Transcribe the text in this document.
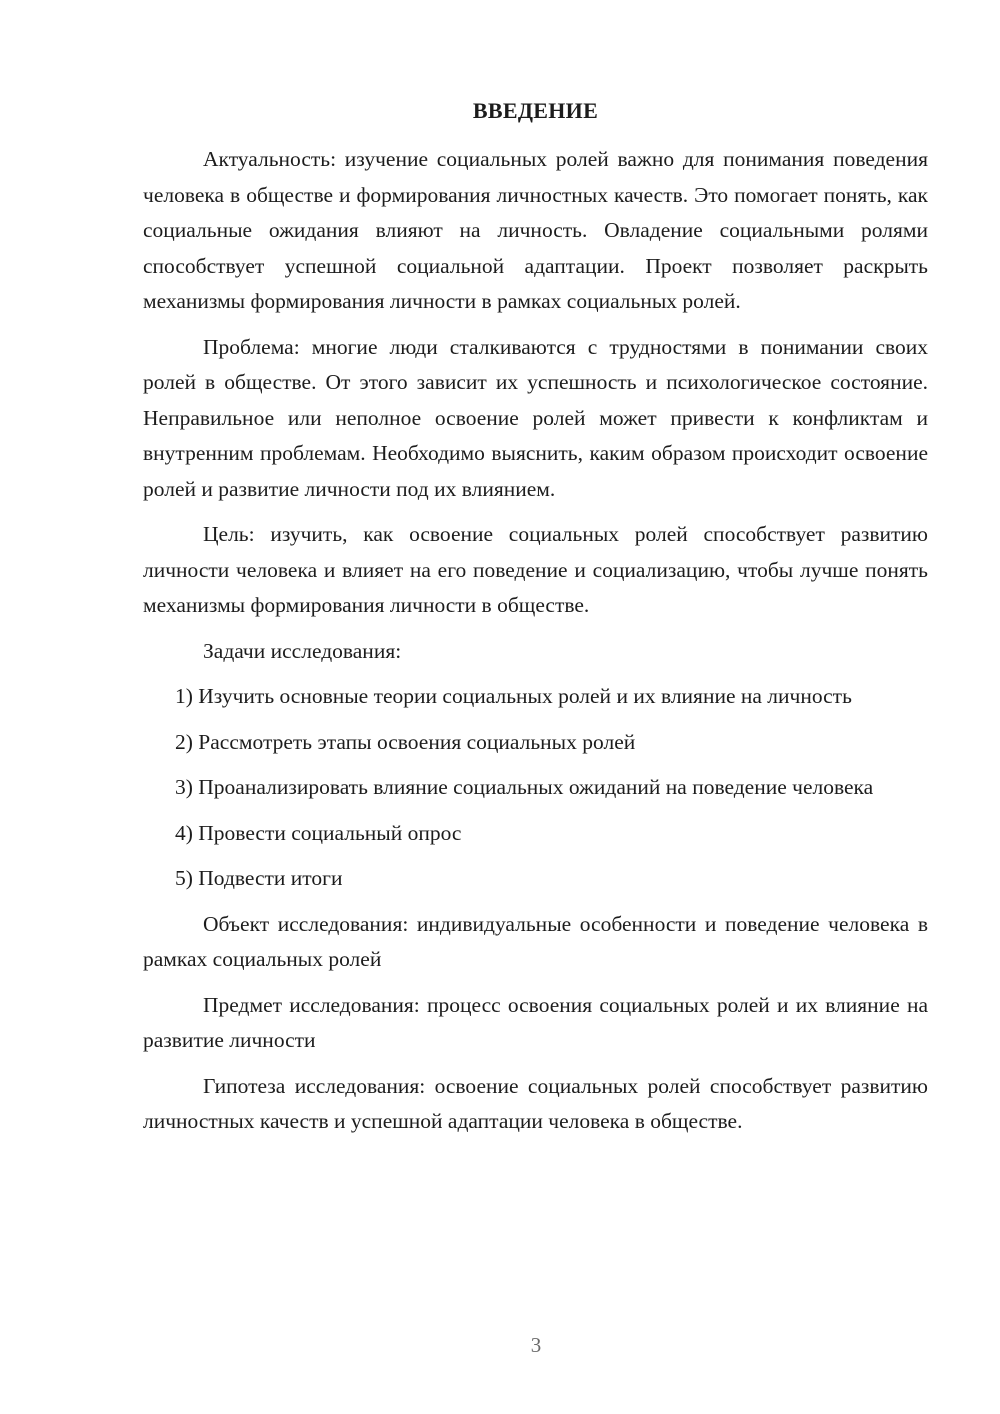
ВВЕДЕНИЕ

Актуальность: изучение социальных ролей важно для понимания поведения человека в обществе и формирования личностных качеств. Это помогает понять, как социальные ожидания влияют на личность. Овладение социальными ролями способствует успешной социальной адаптации. Проект позволяет раскрыть механизмы формирования личности в рамках социальных ролей.

Проблема: многие люди сталкиваются с трудностями в понимании своих ролей в обществе. От этого зависит их успешность и психологическое состояние. Неправильное или неполное освоение ролей может привести к конфликтам и внутренним проблемам. Необходимо выяснить, каким образом происходит освоение ролей и развитие личности под их влиянием.

Цель: изучить, как освоение социальных ролей способствует развитию личности человека и влияет на его поведение и социализацию, чтобы лучше понять механизмы формирования личности в обществе.

Задачи исследования:

1) Изучить основные теории социальных ролей и их влияние на личность

2) Рассмотреть этапы освоения социальных ролей

3) Проанализировать влияние социальных ожиданий на поведение человека

4) Провести социальный опрос

5) Подвести итоги

Объект исследования: индивидуальные особенности и поведение человека в рамках социальных ролей

Предмет исследования: процесс освоения социальных ролей и их влияние на развитие личности

Гипотеза исследования: освоение социальных ролей способствует развитию личностных качеств и успешной адаптации человека в обществе.

3
